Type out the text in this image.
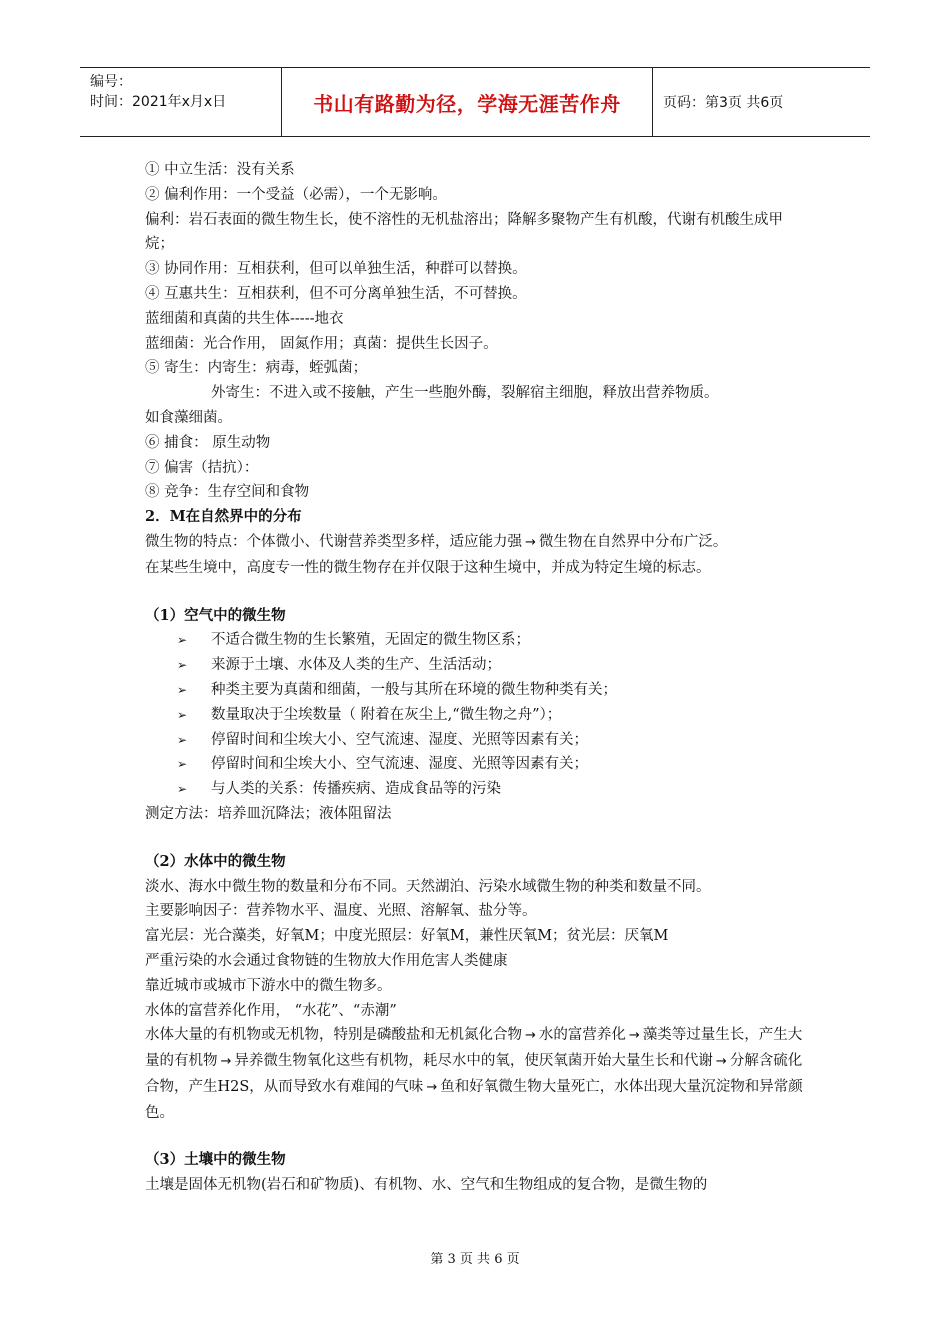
编号：
时间：2021年x月x日	书山有路勤为径，学海无涯苦作舟	页码：第3页 共6页

① 中立生活：没有关系

② 偏利作用：一个受益（必需），一个无影响。

偏利：岩石表面的微生物生长，使不溶性的无机盐溶出；降解多聚物产生有机酸，代谢有机酸生成甲烷；

③ 协同作用：互相获利，但可以单独生活，种群可以替换。

④ 互惠共生：互相获利，但不可分离单独生活，不可替换。

蓝细菌和真菌的共生体-----地衣

蓝细菌：光合作用， 固氮作用；真菌：提供生长因子。

⑤ 寄生：内寄生：病毒，蛭弧菌；

外寄生：不进入或不接触，产生一些胞外酶，裂解宿主细胞，释放出营养物质。

如食藻细菌。

⑥ 捕食： 原生动物

⑦ 偏害（拮抗）：

⑧ 竞争：生存空间和食物

2．M在自然界中的分布

微生物的特点：个体微小、代谢营养类型多样，适应能力强 → 微生物在自然界中分布广泛。

在某些生境中，高度专一性的微生物存在并仅限于这种生境中，并成为特定生境的标志。

（1）空气中的微生物

➢ 不适合微生物的生长繁殖，无固定的微生物区系；
➢ 来源于土壤、水体及人类的生产、生活活动；
➢ 种类主要为真菌和细菌，一般与其所在环境的微生物种类有关；
➢ 数量取决于尘埃数量（ 附着在灰尘上,“微生物之舟”）；
➢ 停留时间和尘埃大小、空气流速、湿度、光照等因素有关；
➢ 停留时间和尘埃大小、空气流速、湿度、光照等因素有关；
➢ 与人类的关系：传播疾病、造成食品等的污染

测定方法：培养皿沉降法；液体阻留法

（2）水体中的微生物

淡水、海水中微生物的数量和分布不同。天然湖泊、污染水域微生物的种类和数量不同。

主要影响因子：营养物水平、温度、光照、溶解氧、盐分等。

富光层：光合藻类，好氧M；中度光照层：好氧M，兼性厌氧M；贫光层：厌氧M

严重污染的水会通过食物链的生物放大作用危害人类健康

靠近城市或城市下游水中的微生物多。

水体的富营养化作用， “水花”、“赤潮”

水体大量的有机物或无机物，特别是磷酸盐和无机氮化合物 → 水的富营养化 → 藻类等过量生长，产生大量的有机物 → 异养微生物氧化这些有机物，耗尽水中的氧，使厌氧菌开始大量生长和代谢 → 分解含硫化合物，产生H2S，从而导致水有难闻的气味 → 鱼和好氧微生物大量死亡，水体出现大量沉淀物和异常颜色。

（3）土壤中的微生物

土壤是固体无机物(岩石和矿物质)、有机物、水、空气和生物组成的复合物，是微生物的

第 3 页 共 6 页
